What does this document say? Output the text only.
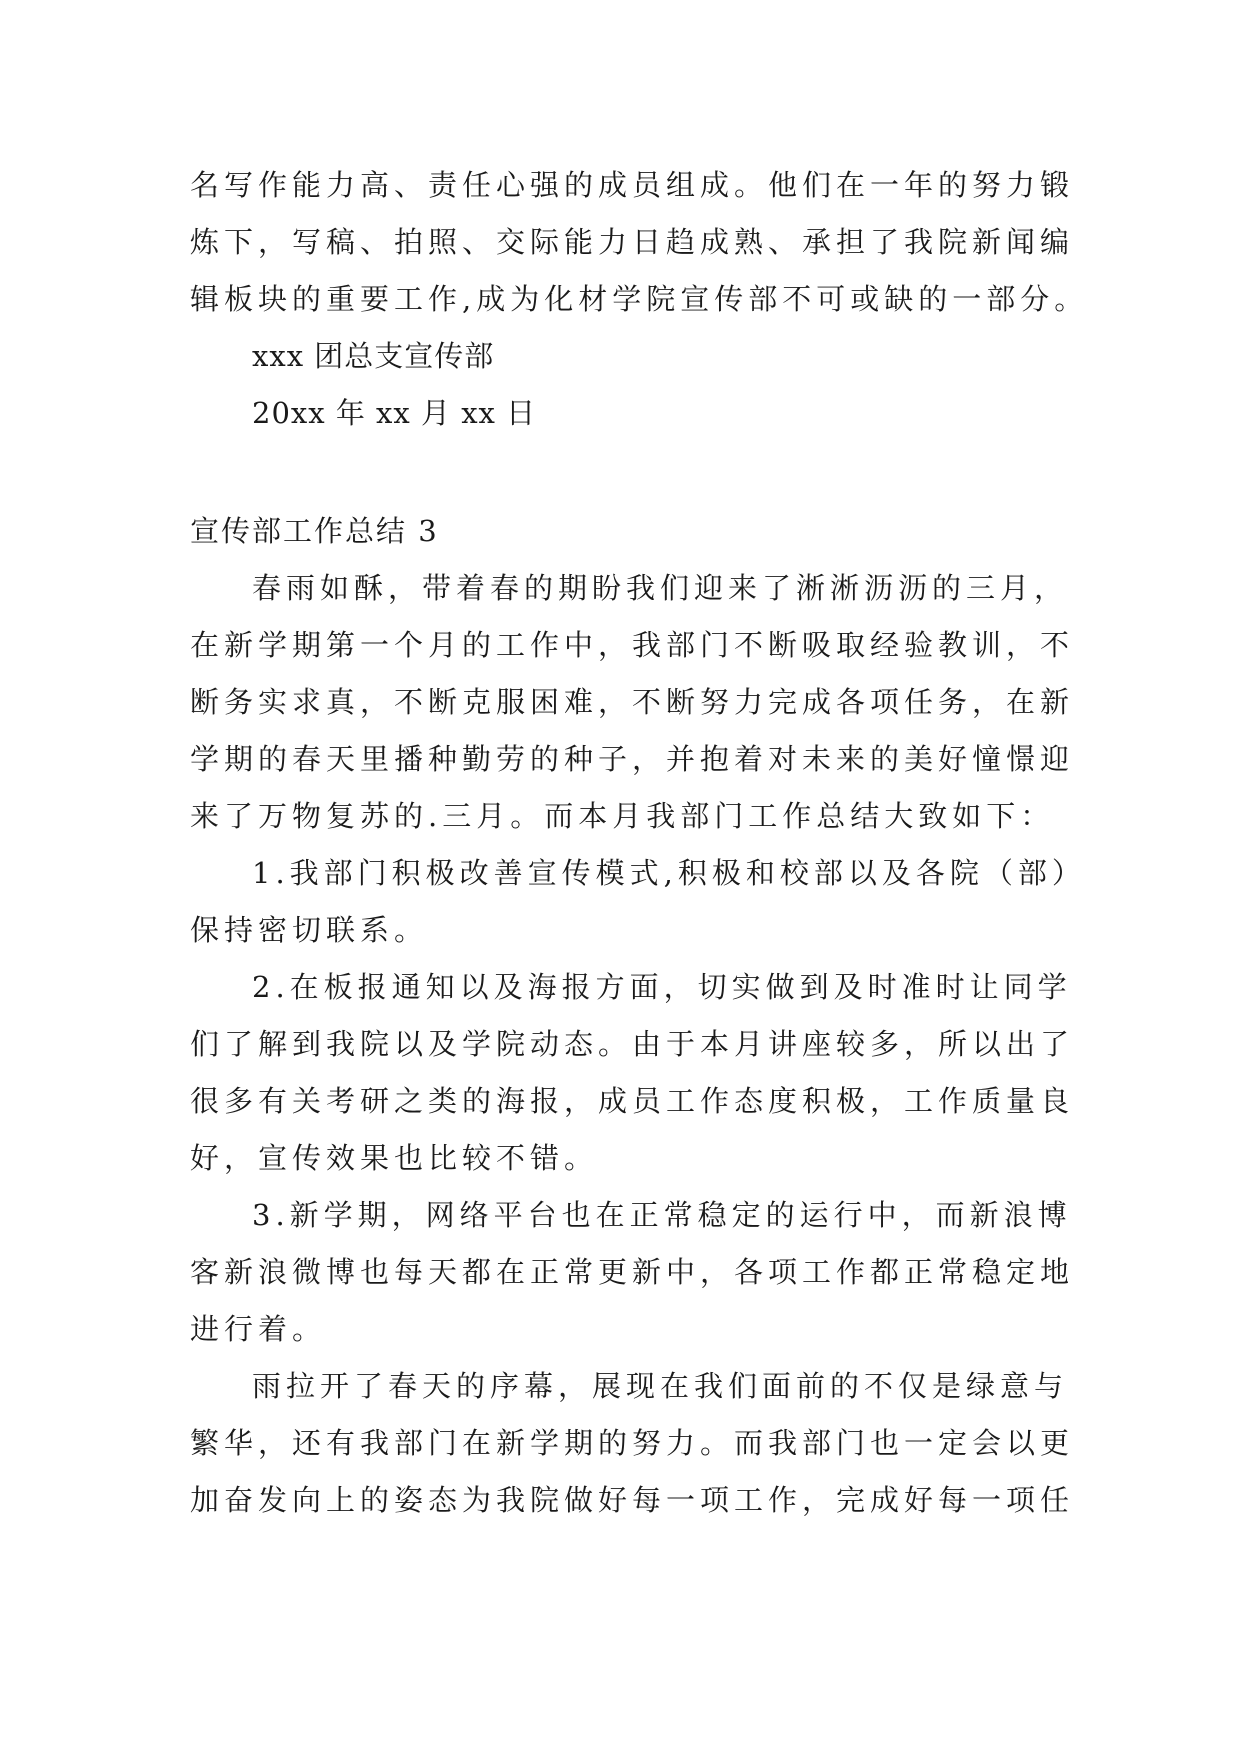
名写作能力高、责任心强的成员组成。他们在一年的努力锻
炼下，写稿、拍照、交际能力日趋成熟、承担了我院新闻编
辑板块的重要工作,成为化材学院宣传部不可或缺的一部分。
xxx 团总支宣传部
20xx 年 xx 月 xx 日
宣传部工作总结 3
春雨如酥，带着春的期盼我们迎来了淅淅沥沥的三月，
在新学期第一个月的工作中，我部门不断吸取经验教训，不
断务实求真，不断克服困难，不断努力完成各项任务，在新
学期的春天里播种勤劳的种子，并抱着对未来的美好憧憬迎
来了万物复苏的.三月。而本月我部门工作总结大致如下：
1.我部门积极改善宣传模式,积极和校部以及各院（部）
保持密切联系。
2.在板报通知以及海报方面，切实做到及时准时让同学
们了解到我院以及学院动态。由于本月讲座较多，所以出了
很多有关考研之类的海报，成员工作态度积极，工作质量良
好，宣传效果也比较不错。
3.新学期，网络平台也在正常稳定的运行中，而新浪博
客新浪微博也每天都在正常更新中，各项工作都正常稳定地
进行着。
雨拉开了春天的序幕，展现在我们面前的不仅是绿意与
繁华，还有我部门在新学期的努力。而我部门也一定会以更
加奋发向上的姿态为我院做好每一项工作，完成好每一项任
